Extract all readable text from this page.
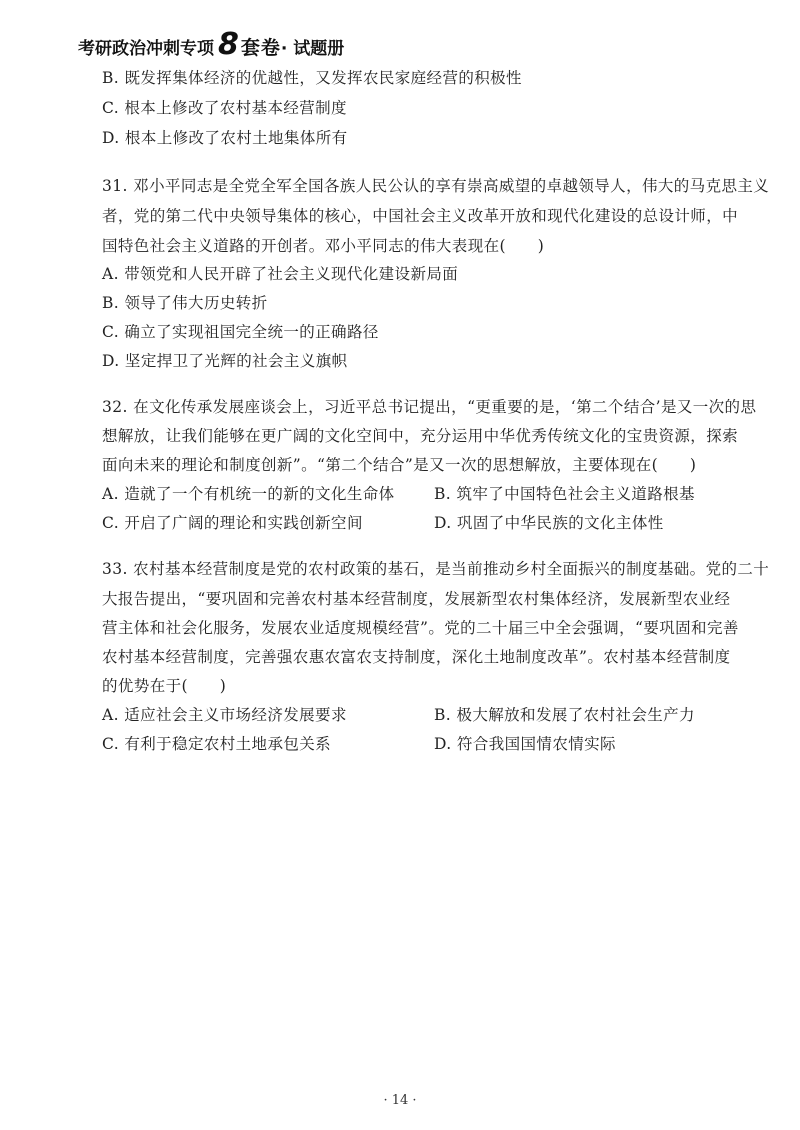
考研政治冲刺专项 8 套卷 · 试题册
B. 既发挥集体经济的优越性，又发挥农民家庭经营的积极性
C. 根本上修改了农村基本经营制度
D. 根本上修改了农村土地集体所有
31. 邓小平同志是全党全军全国各族人民公认的享有崇高威望的卓越领导人，伟大的马克思主义
者，党的第二代中央领导集体的核心，中国社会主义改革开放和现代化建设的总设计师，中
国特色社会主义道路的开创者。邓小平同志的伟大表现在(　　)
A. 带领党和人民开辟了社会主义现代化建设新局面
B. 领导了伟大历史转折
C. 确立了实现祖国完全统一的正确路径
D. 坚定捍卫了光辉的社会主义旗帜
32. 在文化传承发展座谈会上，习近平总书记提出，“更重要的是，‘第二个结合’是又一次的思
想解放，让我们能够在更广阔的文化空间中，充分运用中华优秀传统文化的宝贵资源，探索
面向未来的理论和制度创新”。“第二个结合”是又一次的思想解放，主要体现在(　　)
A. 造就了一个有机统一的新的文化生命体	B. 筑牢了中国特色社会主义道路根基
C. 开启了广阔的理论和实践创新空间	D. 巩固了中华民族的文化主体性
33. 农村基本经营制度是党的农村政策的基石，是当前推动乡村全面振兴的制度基础。党的二十
大报告提出，“要巩固和完善农村基本经营制度，发展新型农村集体经济，发展新型农业经
营主体和社会化服务，发展农业适度规模经营”。党的二十届三中全会强调，“要巩固和完善
农村基本经营制度，完善强农惠农富农支持制度，深化土地制度改革”。农村基本经营制度
的优势在于(　　)
A. 适应社会主义市场经济发展要求	B. 极大解放和发展了农村社会生产力
C. 有利于稳定农村土地承包关系	D. 符合我国国情农情实际
· 14 ·
